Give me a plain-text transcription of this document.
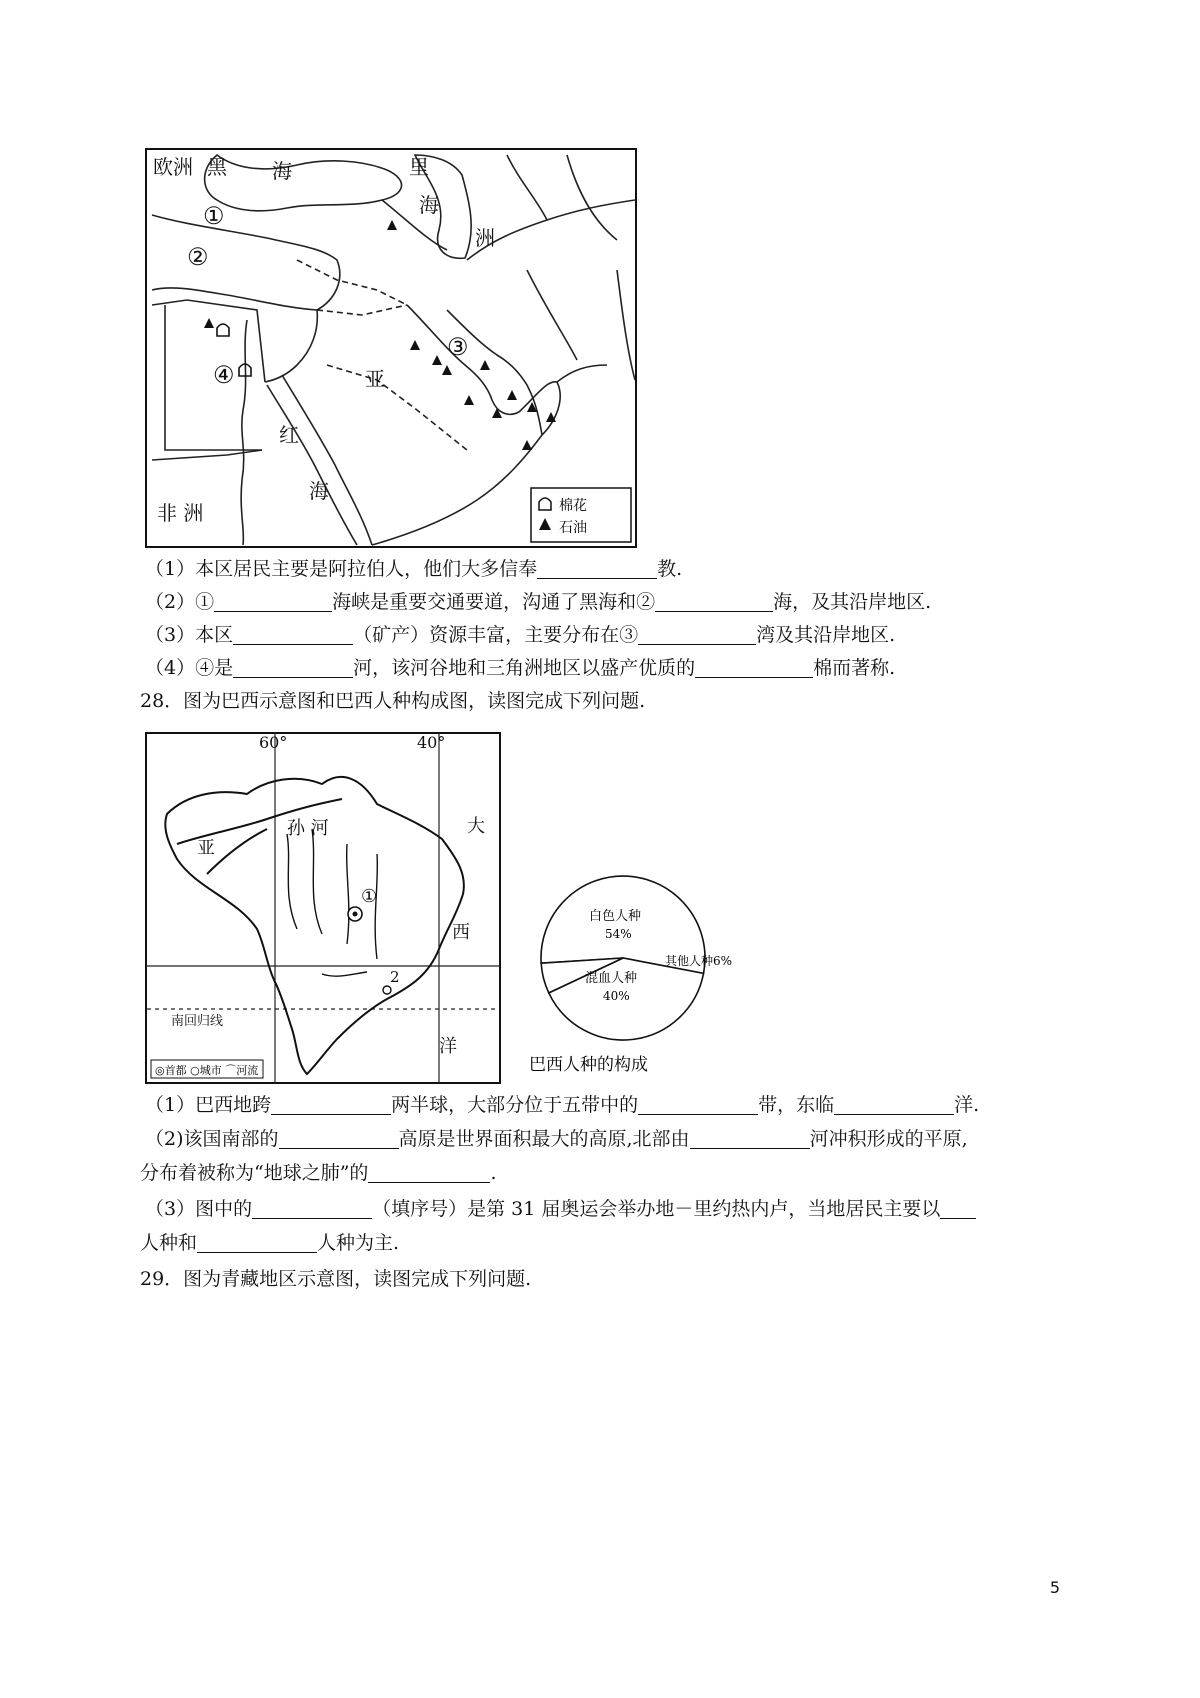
欧洲 黑 海	里
海
洲
亚
红
海
非 洲
①
②
③
④
棉花
石油
（1）本区居民主要是阿拉伯人，他们大多信奉	教.
（2）①	海峡是重要交通要道，沟通了黑海和②	海，及其沿岸地区.
（3）本区	（矿产）资源丰富，主要分布在③	湾及其沿岸地区.
（4）④是	河，该河谷地和三角洲地区以盛产优质的	棉而著称.
28．图为巴西示意图和巴西人种构成图，读图完成下列问题.
60°	40°
亚
孙 河	大
西
洋
①
2
南回归线
◎首都 ○城市 ⌒河流
白色人种
54%
混血人种
40%
其他人种6%
巴西人种的构成
（1）巴西地跨	两半球，大部分位于五带中的	带，东临	洋.
（2)该国南部的	高原是世界面积最大的高原,北部由	河冲积形成的平原,
分布着被称为“地球之肺”的	.
（3）图中的	（填序号）是第 31 届奥运会举办地－里约热内卢，当地居民主要以
人种和	人种为主.
29．图为青藏地区示意图，读图完成下列问题.
5
